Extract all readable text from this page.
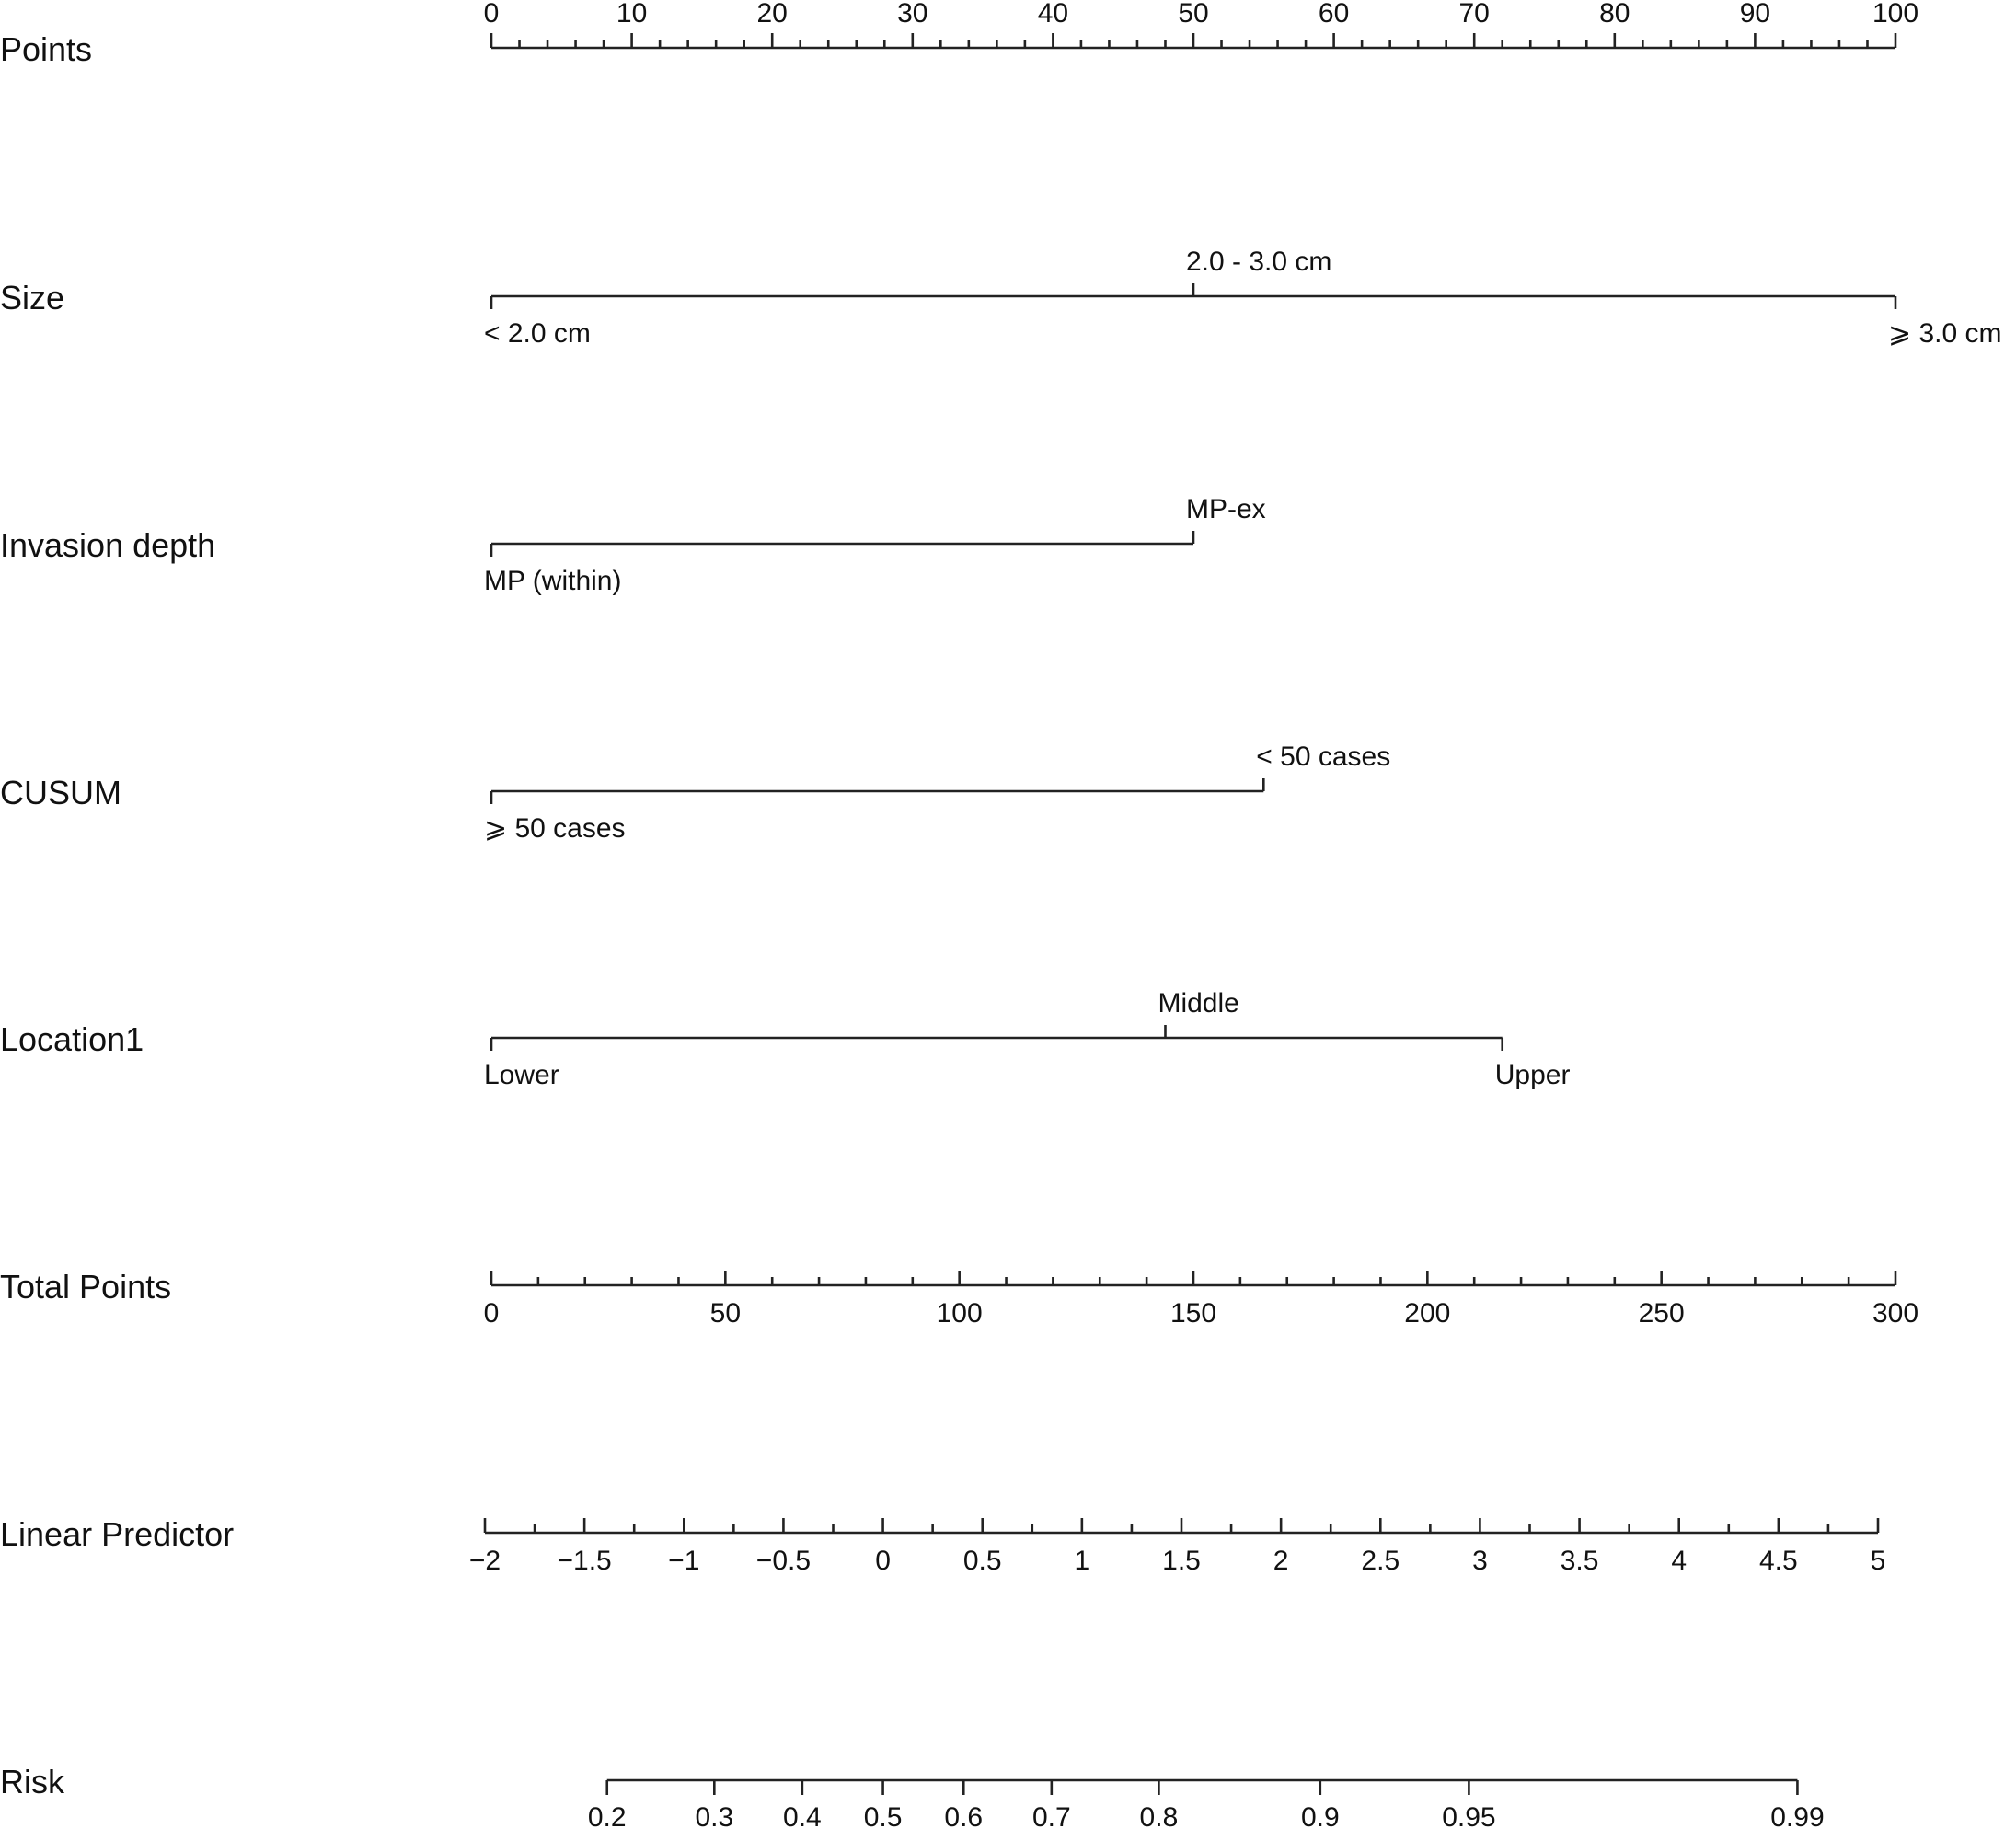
Points
0	10	20	30	40	50	60	70	80	90	100
Size
< 2.0 cm
2.0 - 3.0 cm
⩾ 3.0 cm
Invasion depth
MP (within)
MP-ex
CUSUM
⩾ 50 cases
< 50 cases
Location1
Lower
Middle
Upper
Total Points
0	50	100	150	200	250	300
Linear Predictor
−2 −1.5 −1 −0.5 0	0.5	1	1.5	2	2.5	3	3.5	4	4.5	5
Risk
0.2 0.3 0.4 0.5 0.6 0.7 0.8	0.9	0.95	0.99
